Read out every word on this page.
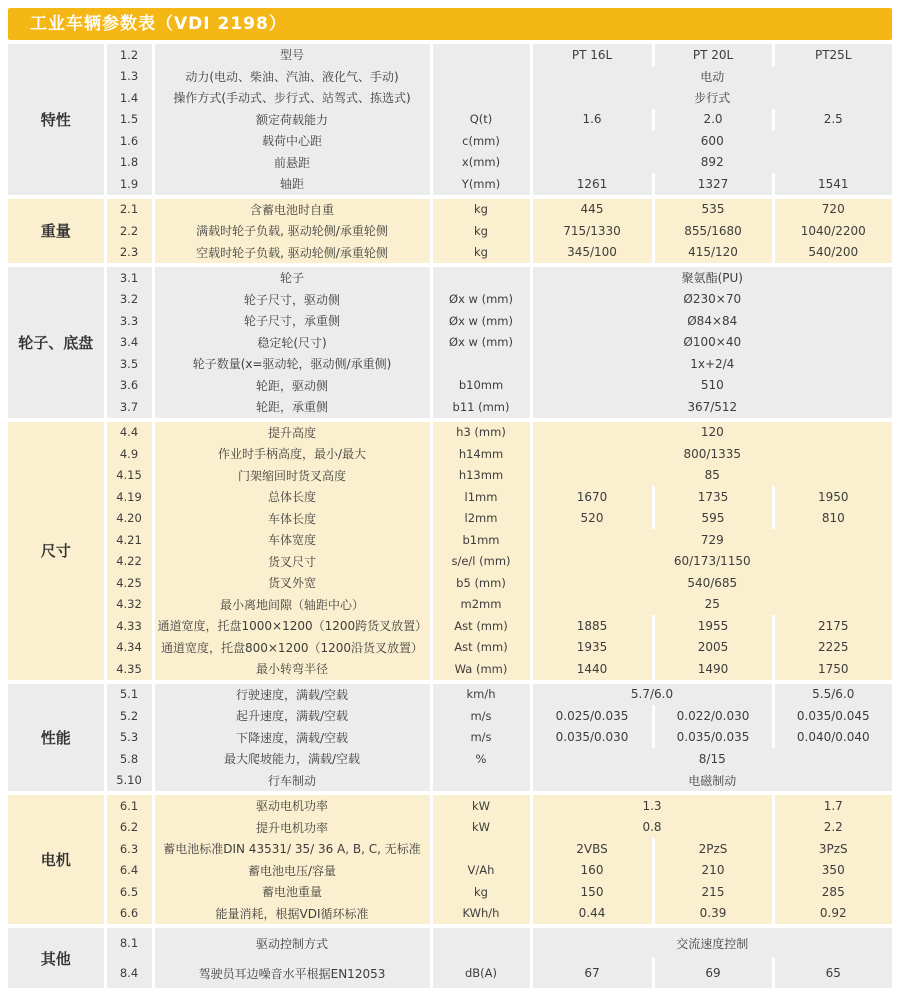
工业车辆参数表（VDI 2198）
特性	1.2	型号		PT 16L	PT 20L	PT25L
	1.3	动力(电动、柴油、汽油、液化气、手动)		电动		
	1.4	操作方式(手动式、步行式、站驾式、拣选式)		步行式		
	1.5	额定荷载能力	Q(t)	1.6	2.0	2.5
	1.6	载荷中心距	c(mm)	600		
	1.8	前悬距	x(mm)	892		
	1.9	轴距	Y(mm)	1261	1327	1541
重量	2.1	含蓄电池时自重	kg	445	535	720
	2.2	满载时轮子负载, 驱动轮侧/承重轮侧	kg	715/1330	855/1680	1040/2200
	2.3	空载时轮子负载, 驱动轮侧/承重轮侧	kg	345/100	415/120	540/200
轮子、底盘	3.1	轮子		聚氨酯(PU)
	3.2	轮子尺寸，驱动侧	Øx w (mm)	Ø230×70
	3.3	轮子尺寸，承重侧	Øx w (mm)	Ø84×84
	3.4	稳定轮(尺寸)	Øx w (mm)	Ø100×40
	3.5	轮子数量(x=驱动轮，驱动侧/承重侧)		1x+2/4
	3.6	轮距，驱动侧	b10mm	510
	3.7	轮距，承重侧	b11 (mm)	367/512
尺寸	4.4	提升高度	h3 (mm)	120		
	4.9	作业时手柄高度，最小/最大	h14mm	800/1335		
	4.15	门架缩回时货叉高度	h13mm	85		
	4.19	总体长度	l1mm	1670	1735	1950
	4.20	车体长度	l2mm	520	595	810
	4.21	车体宽度	b1mm	729		
	4.22	货叉尺寸	s/e/l (mm)	60/173/1150		
	4.25	货叉外宽	b5 (mm)	540/685		
	4.32	最小离地间隙（轴距中心）	m2mm	25		
	4.33	通道宽度，托盘1000×1200（1200跨货叉放置）	Ast (mm)	1885	1955	2175
	4.34	通道宽度，托盘800×1200（1200沿货叉放置）	Ast (mm)	1935	2005	2225
	4.35	最小转弯半径	Wa (mm)	1440	1490	1750
性能	5.1	行驶速度，满载/空载	km/h	5.7/6.0		5.5/6.0
	5.2	起升速度，满载/空载	m/s	0.025/0.035	0.022/0.030	0.035/0.045
	5.3	下降速度，满载/空载	m/s	0.035/0.030	0.035/0.035	0.040/0.040
	5.8	最大爬坡能力，满载/空载	%	8/15		
	5.10	行车制动		电磁制动		
电机	6.1	驱动电机功率	kW	1.3		1.7
	6.2	提升电机功率	kW	0.8		2.2
	6.3	蓄电池标准DIN 43531/ 35/ 36 A, B, C, 无标准		2VBS	2PzS	3PzS
	6.4	蓄电池电压/容量	V/Ah	160	210	350
	6.5	蓄电池重量	kg	150	215	285
	6.6	能量消耗，根据VDI循环标准	KWh/h	0.44	0.39	0.92
其他	8.1	驱动控制方式		交流速度控制		
	8.4	驾驶员耳边噪音水平根据EN12053	dB(A)	67	69	65
